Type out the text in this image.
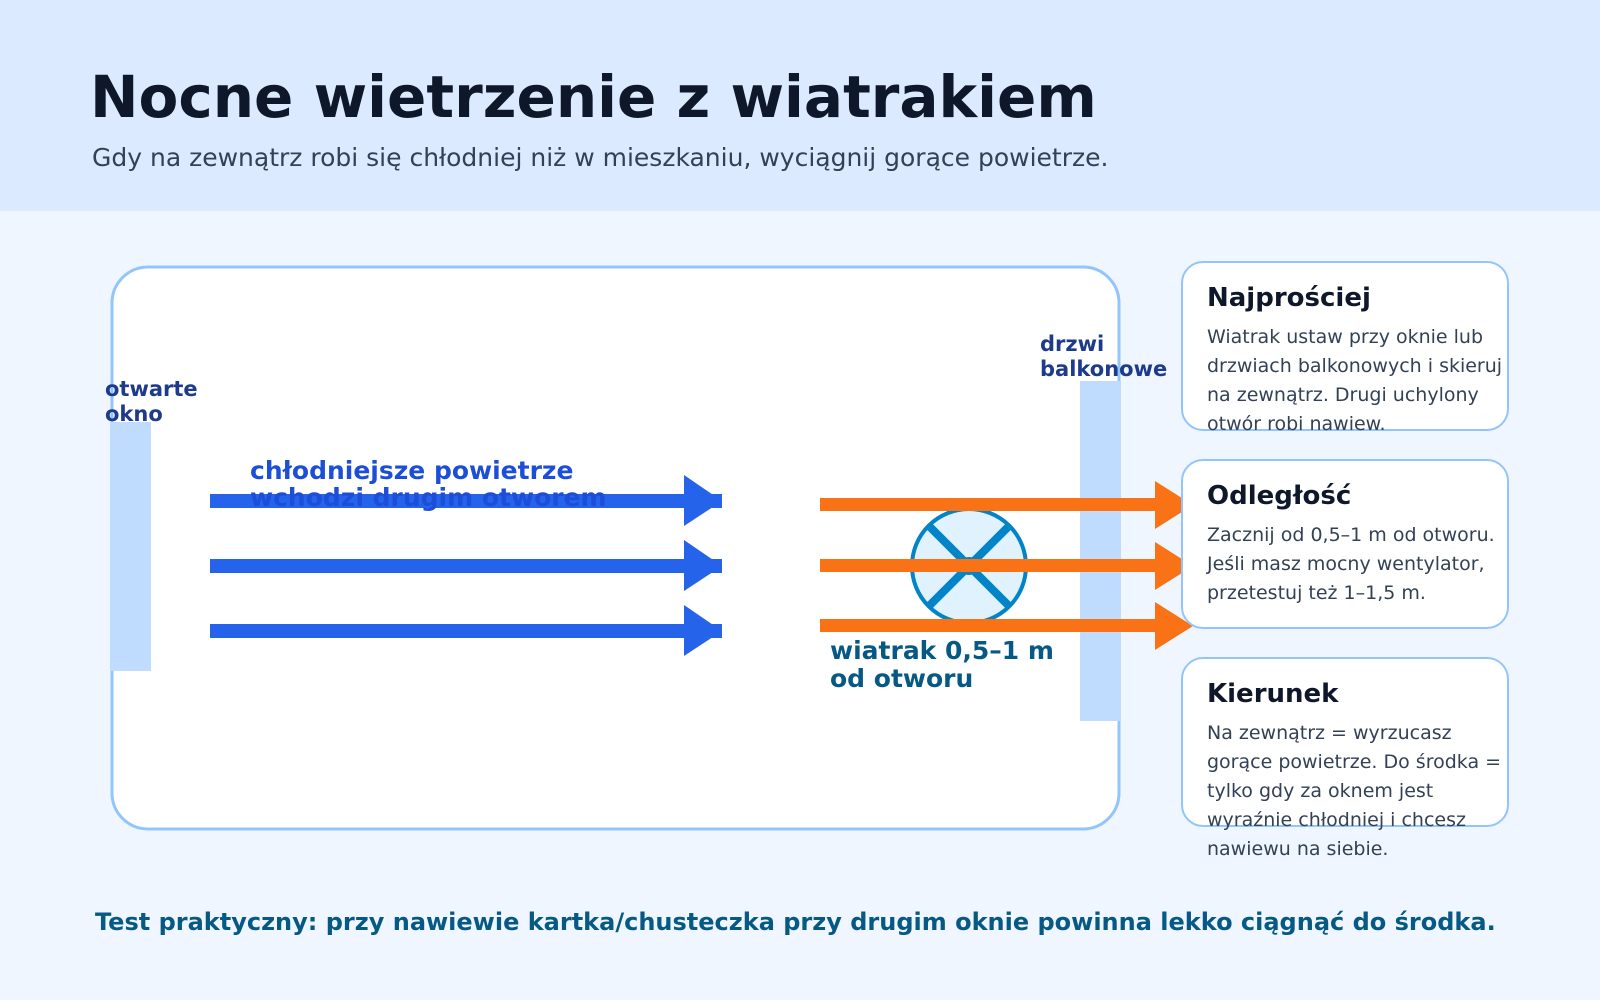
Nocne wietrzenie z wiatrakiem

Gdy na zewnątrz robi się chłodniej niż w mieszkaniu, wyciągnij gorące powietrze.

otwarte okno
drzwi balkonowe
chłodniejsze powietrze wchodzi drugim otworem
wiatrak 0,5–1 m od otworu
Najprościej

Wiatrak ustaw przy oknie lub drzwiach balkonowych i skieruj na zewnątrz. Drugi uchylony otwór robi nawiew.

Odległość

Zacznij od 0,5–1 m od otworu. Jeśli masz mocny wentylator, przetestuj też 1–1,5 m.

Kierunek

Na zewnątrz = wyrzucasz gorące powietrze. Do środka = tylko gdy za oknem jest wyraźnie chłodniej i chcesz nawiewu na siebie.

Test praktyczny: przy nawiewie kartka/chusteczka przy drugim oknie powinna lekko ciągnąć do środka.
